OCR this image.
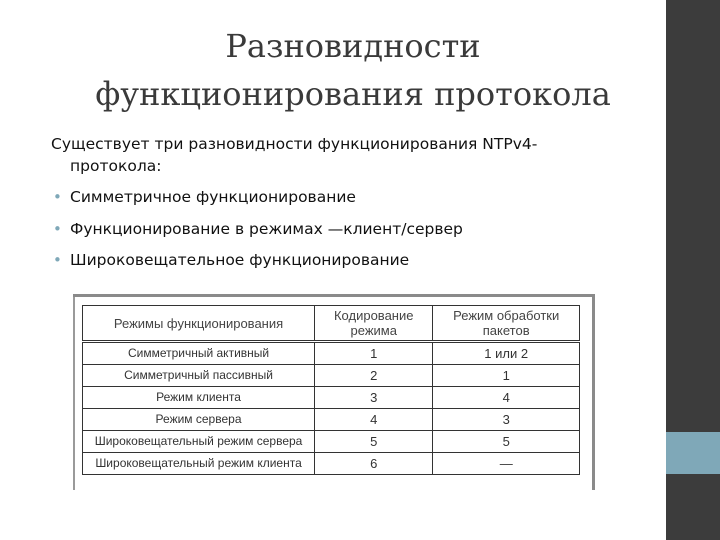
Разновидности
функционирования протокола

Существует три разновидности функционирования NTPv4-
протокола:

• Симметричное функционирование
• Функционирование в режимах —клиент/сервер
• Широковещательное функционирование
Режимы функционирования	Кодирование режима	Режим обработки пакетов
Симметричный активный	1	1 или 2
Симметричный пассивный	2	1
Режим клиента	3	4
Режим сервера	4	3
Широковещательный режим сервера	5	5
Широковещательный режим клиента	6	—
